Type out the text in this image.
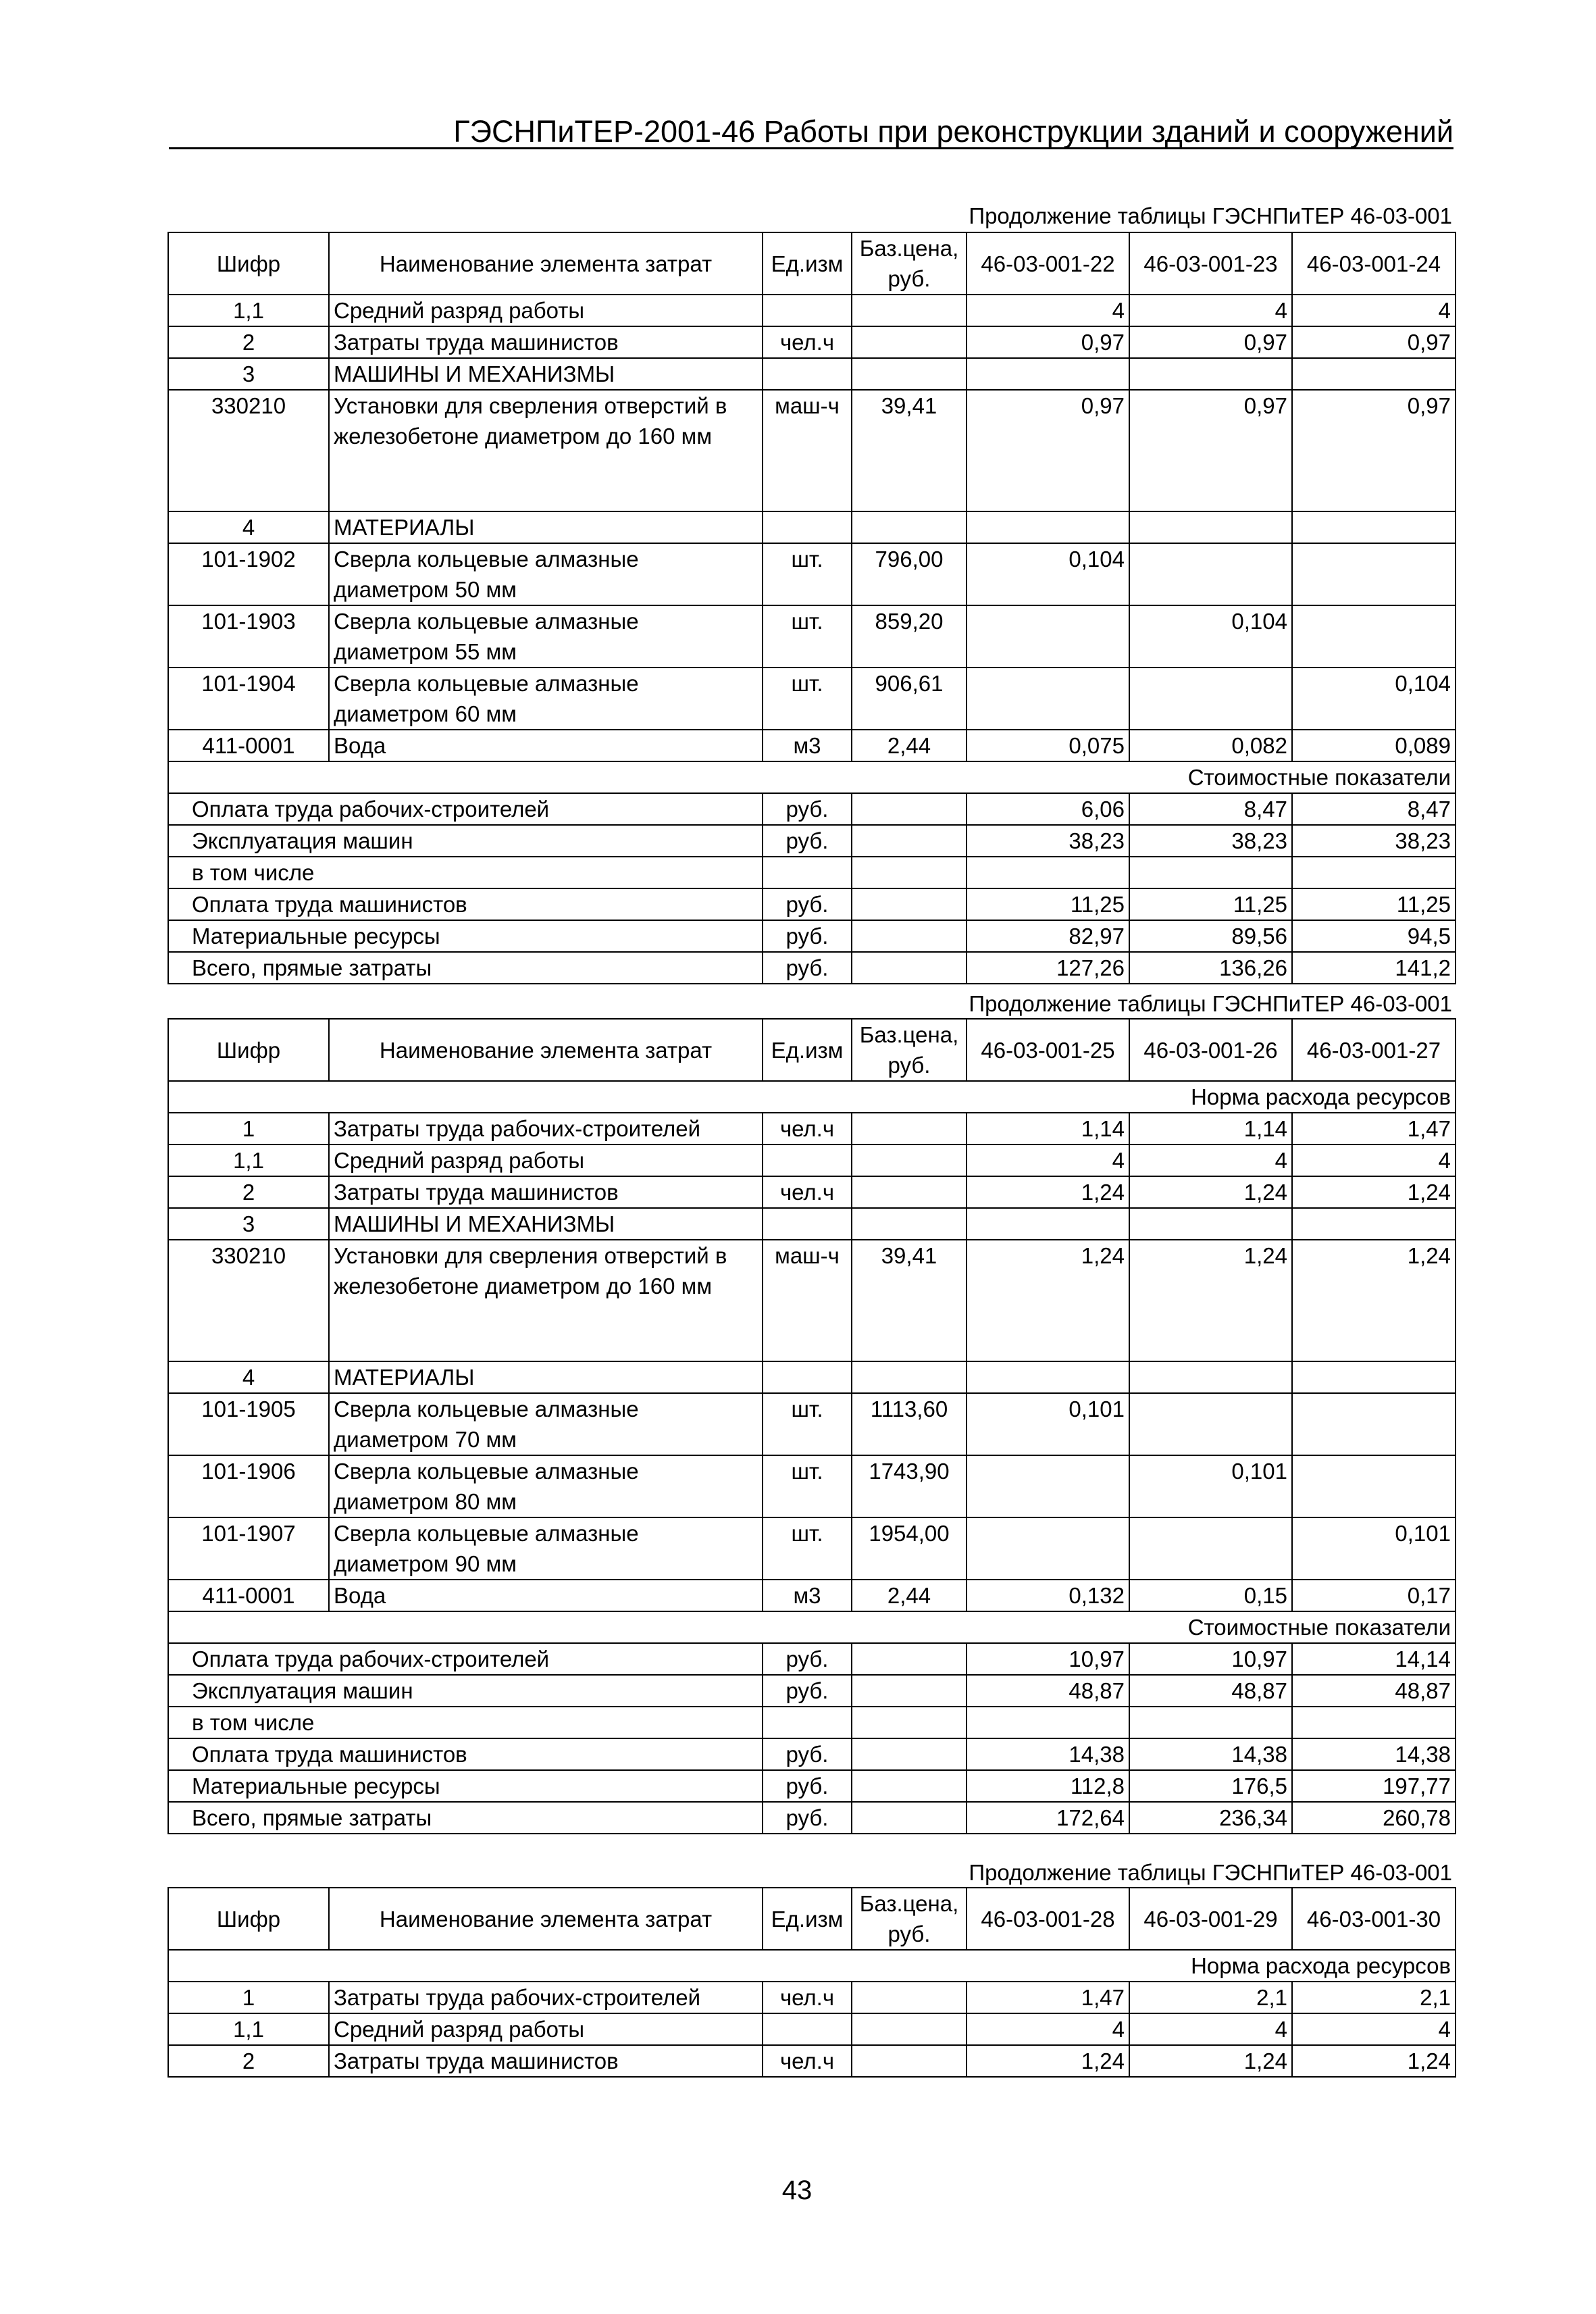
ГЭСНПиТЕР-2001-46 Работы при реконструкции зданий и сооружений
Продолжение таблицы ГЭСНПиТЕР 46-03-001
Шифр	Наименование элемента затрат	Ед.изм	Баз.цена, руб.	46-03-001-22	46-03-001-23	46-03-001-24
1,1	Средний разряд работы			4	4	4
2	Затраты труда машинистов	чел.ч		0,97	0,97	0,97
3	МАШИНЫ И МЕХАНИЗМЫ					
330210	Установки для сверления отверстий в железобетоне диаметром до 160 мм	маш-ч	39,41	0,97	0,97	0,97
4	МАТЕРИАЛЫ					
101-1902	Сверла кольцевые алмазные диаметром 50 мм	шт.	796,00	0,104		
101-1903	Сверла кольцевые алмазные диаметром 55 мм	шт.	859,20		0,104	
101-1904	Сверла кольцевые алмазные диаметром 60 мм	шт.	906,61			0,104
411-0001	Вода	м3	2,44	0,075	0,082	0,089
Стоимостные показатели						
Оплата труда рабочих-строителей		руб.		6,06	8,47	8,47
Эксплуатация машин		руб.		38,23	38,23	38,23
в том числе						
Оплата труда машинистов		руб.		11,25	11,25	11,25
Материальные ресурсы		руб.		82,97	89,56	94,5
Всего, прямые затраты		руб.		127,26	136,26	141,2
Продолжение таблицы ГЭСНПиТЕР 46-03-001
Шифр	Наименование элемента затрат	Ед.изм	Баз.цена, руб.	46-03-001-25	46-03-001-26	46-03-001-27
Норма расхода ресурсов						
1	Затраты труда рабочих-строителей	чел.ч		1,14	1,14	1,47
1,1	Средний разряд работы			4	4	4
2	Затраты труда машинистов	чел.ч		1,24	1,24	1,24
3	МАШИНЫ И МЕХАНИЗМЫ					
330210	Установки для сверления отверстий в железобетоне диаметром до 160 мм	маш-ч	39,41	1,24	1,24	1,24
4	МАТЕРИАЛЫ					
101-1905	Сверла кольцевые алмазные диаметром 70 мм	шт.	1113,60	0,101		
101-1906	Сверла кольцевые алмазные диаметром 80 мм	шт.	1743,90		0,101	
101-1907	Сверла кольцевые алмазные диаметром 90 мм	шт.	1954,00			0,101
411-0001	Вода	м3	2,44	0,132	0,15	0,17
Стоимостные показатели						
Оплата труда рабочих-строителей		руб.		10,97	10,97	14,14
Эксплуатация машин		руб.		48,87	48,87	48,87
в том числе						
Оплата труда машинистов		руб.		14,38	14,38	14,38
Материальные ресурсы		руб.		112,8	176,5	197,77
Всего, прямые затраты		руб.		172,64	236,34	260,78
Продолжение таблицы ГЭСНПиТЕР 46-03-001
Шифр	Наименование элемента затрат	Ед.изм	Баз.цена, руб.	46-03-001-28	46-03-001-29	46-03-001-30
Норма расхода ресурсов						
1	Затраты труда рабочих-строителей	чел.ч		1,47	2,1	2,1
1,1	Средний разряд работы			4	4	4
2	Затраты труда машинистов	чел.ч		1,24	1,24	1,24
43
